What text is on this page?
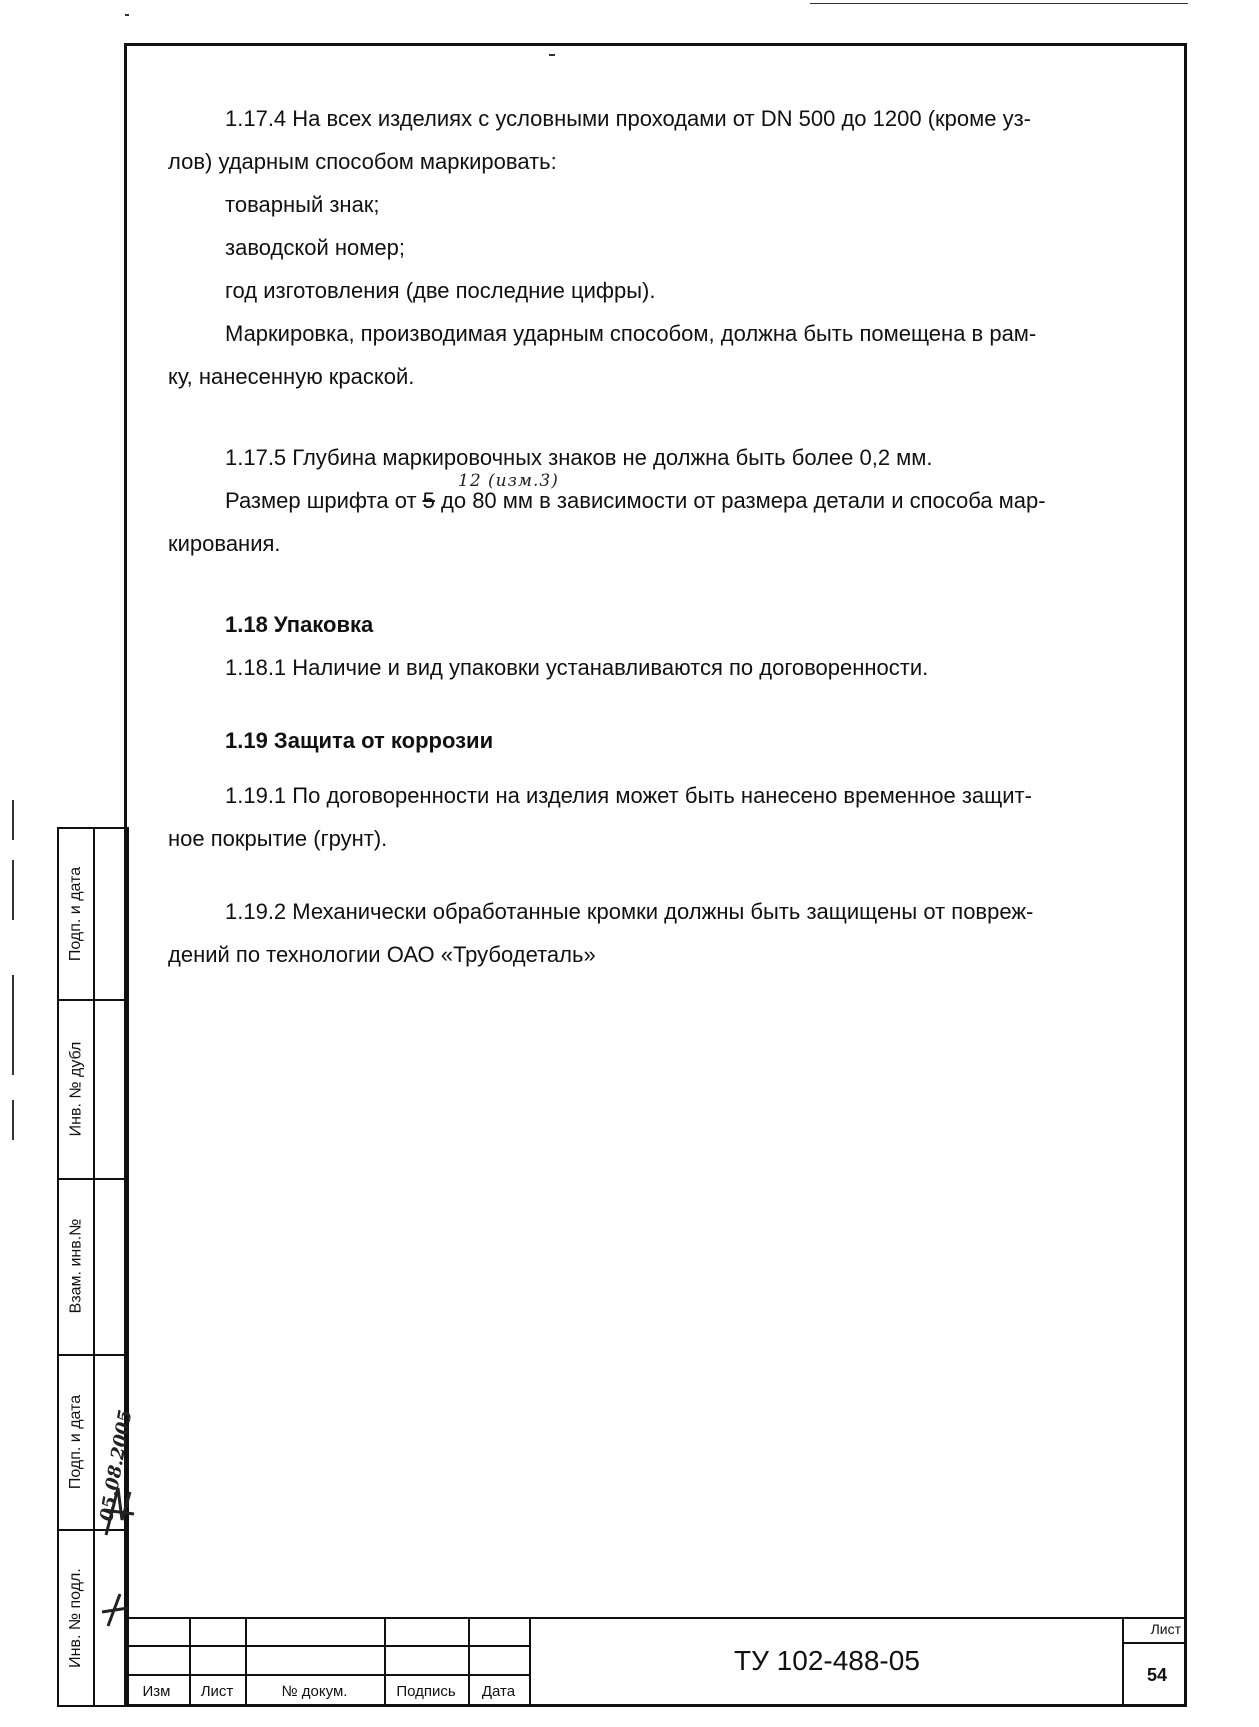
1.17.4 На всех изделиях с условными проходами от DN 500 до 1200 (кроме уз-

лов) ударным способом маркировать:

товарный знак;

заводской номер;

год изготовления (две последние цифры).

Маркировка, производимая ударным способом, должна быть помещена в рам-

ку, нанесенную краской.

1.17.5 Глубина маркировочных знаков не должна быть более 0,2 мм.

Размер шрифта от 5 до 80 мм в зависимости от размера детали и способа мар-

кирования.

1.18 Упаковка

1.18.1 Наличие и вид упаковки устанавливаются по договоренности.

1.19 Защита от коррозии

1.19.1 По договоренности на изделия может быть нанесено временное защит-

ное покрытие (грунт).

1.19.2 Механически обработанные кромки должны быть защищены от повреж-

дений по технологии ОАО «Трубодеталь»

12 (изм.3)
Подп. и дата
Инв. № дубл
Взам. инв.№
Подп. и дата
Инв. № подл.
05.08.2005
Изм	Лист	№ докум.	Подпись	Дата
ТУ 102-488-05
Лист
54
